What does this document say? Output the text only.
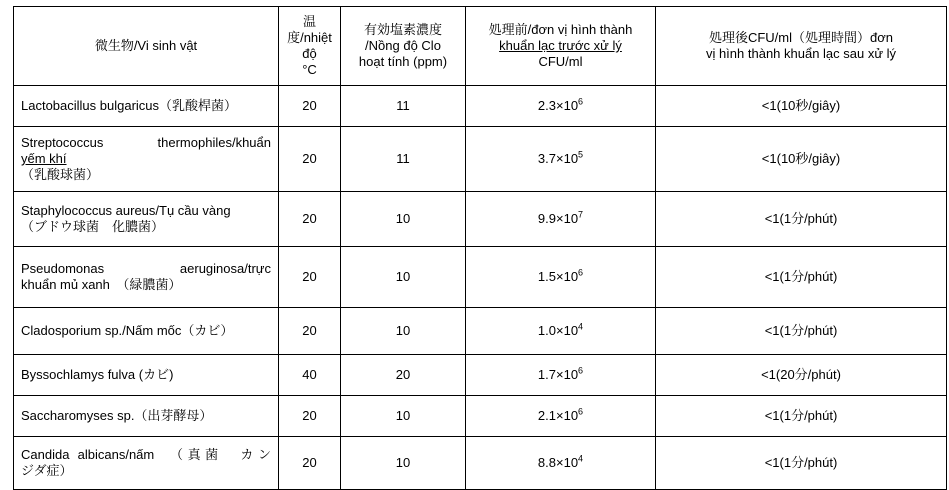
微生物/Vi sinh vật	温度/nhiệt
độ
°C	有効塩素濃度
/Nồng độ Clo
hoạt tính (ppm)	処理前/đơn vị hình thành
khuẩn lạc trước xử lý
CFU/ml	処理後CFU/ml（処理時間）đơn
vị hình thành khuẩn lạc sau xử lý

Lactobacillus bulgaricus（乳酸桿菌）	20	11	$2.3\times 10^6$	<1(10秒/giây)

Streptococcus thermophiles/khuẩn
yếm khí
（乳酸球菌）	20	11	$3.7\times 10^5$	<1(10秒/giây)

Staphylococcus aureus/Tụ cầu vàng
（ブドウ球菌　化膿菌）	20	10	$9.9\times 10^7$	<1(1分/phút)

Pseudomonas aeruginosa/trực
khuẩn mủ xanh　（緑膿菌）	20	10	$1.5\times 10^6$	<1(1分/phút)

Cladosporium sp./Nấm mốc（カビ）	20	10	$1.0\times 10^4$	<1(1分/phút)

Byssochlamys fulva (カビ)	40	20	$1.7\times 10^6$	<1(20分/phút)

Saccharomyses sp.（出芽酵母）	20	10	$2.1\times 10^6$	<1(1分/phút)

Candida albicans/nấm　（真菌　カン
ジダ症）	20	10	$8.8\times 10^4$	<1(1分/phút)
